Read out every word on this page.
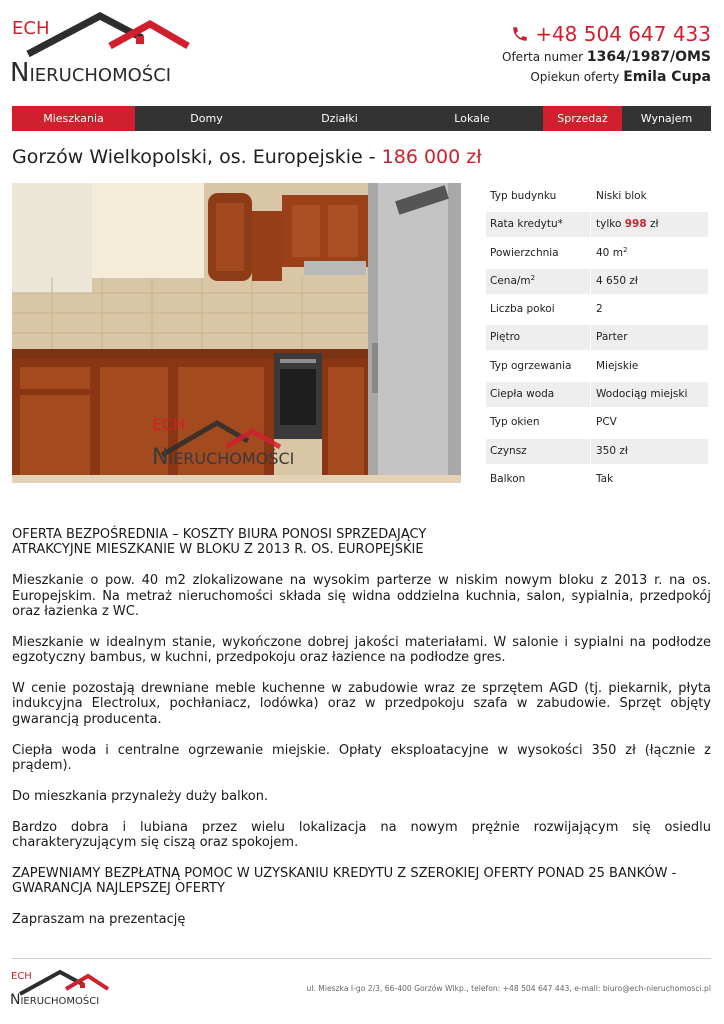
ECH
NIERUCHOMOŚCI
+48 504 647 433
Oferta numer 1364/1987/OMS
Opiekun oferty Emila Cupa
Mieszkania	Domy	Działki	Lokale	Sprzedaż	Wynajem
Gorzów Wielkopolski, os. Europejskie - 186 000 zł
ECH
NIERUCHOMOŚCI
Typ budynku	Niski blok
Rata kredytu*	tylko 998 zł
Powierzchnia	40 $m^2$
Cena/$m^2$	4 650 zł
Liczba pokoi	2
Piętro	Parter
Typ ogrzewania	Miejskie
Ciepła woda	Wodociąg miejski
Typ okien	PCV
Czynsz	350 zł
Balkon	Tak

OFERTA BEZPOŚREDNIA – KOSZTY BIURA PONOSI SPRZEDAJĄCY
ATRAKCYJNE MIESZKANIE W BLOKU Z 2013 R. OS. EUROPEJSKIE

Mieszkanie o pow. 40 m2 zlokalizowane na wysokim parterze w niskim nowym bloku z 2013 r. na os. Europejskim. Na metraż nieruchomości składa się widna oddzielna kuchnia, salon, sypialnia, przedpokój oraz łazienka z WC.

Mieszkanie w idealnym stanie, wykończone dobrej jakości materiałami. W salonie i sypialni na podłodze egzotyczny bambus, w kuchni, przedpokoju oraz łazience na podłodze gres.

W cenie pozostają drewniane meble kuchenne w zabudowie wraz ze sprzętem AGD (tj. piekarnik, płyta indukcyjna Electrolux, pochłaniacz, lodówka) oraz w przedpokoju szafa w zabudowie. Sprzęt objęty gwarancją producenta.

Ciepła woda i centralne ogrzewanie miejskie. Opłaty eksploatacyjne w wysokości 350 zł (łącznie z prądem).

Do mieszkania przynależy duży balkon.

Bardzo dobra i lubiana przez wielu lokalizacja na nowym prężnie rozwijającym się osiedlu charakteryzującym się ciszą oraz spokojem.

ZAPEWNIAMY BEZPŁATNĄ POMOC W UZYSKANIU KREDYTU Z SZEROKIEJ OFERTY PONAD 25 BANKÓW - GWARANCJA NAJLEPSZEJ OFERTY

Zapraszam na prezentację

ECH
NIERUCHOMOŚCI
ul. Mieszka I-go 2/3, 66-400 Gorzów Wlkp., telefon: +48 504 647 443, e-mail: biuro@ech-nieruchomosci.pl
